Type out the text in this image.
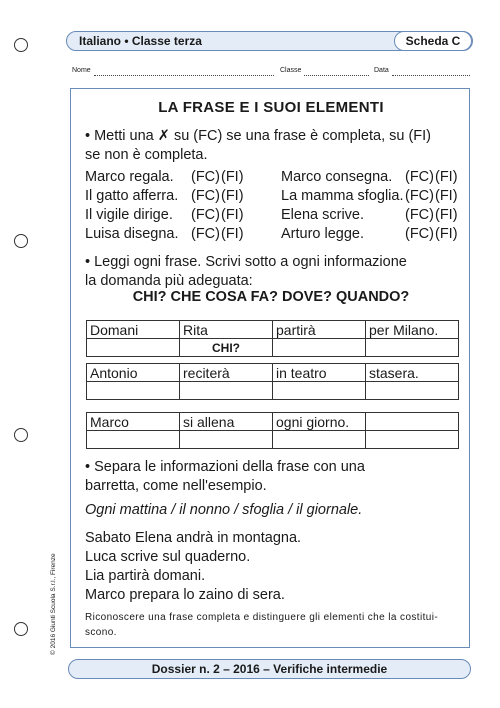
Italiano • Classe terza	Scheda C
Nome	Classe	Data
LA FRASE E I SUOI ELEMENTI
• Metti una ✗ su (FC) se una frase è completa, su (FI)
se non è completa.
Marco regala. (FC) (FI)	Marco consegna. (FC) (FI)
Il gatto afferra. (FC) (FI)	La mamma sfoglia. (FC) (FI)
Il vigile dirige. (FC) (FI)	Elena scrive.	(FC) (FI)
Luisa disegna. (FC) (FI)	Arturo legge.	(FC) (FI)
• Leggi ogni frase. Scrivi sotto a ogni informazione
la domanda più adeguata:
CHI? CHE COSA FA? DOVE? QUANDO?
Domani	Rita	partirà	per Milano.
	CHI?		
Antonio	reciterà	in teatro	stasera.

Marco	si allena	ogni giorno.	

• Separa le informazioni della frase con una
barretta, come nell'esempio.
Ogni mattina / il nonno / sfoglia / il giornale.
Sabato Elena andrà in montagna.
Luca scrive sul quaderno.
Lia partirà domani.
Marco prepara lo zaino di sera.
Riconoscere una frase completa e distinguere gli elementi che la costitui-
scono.
© 2016 Giunti Scuola S.r.l., Firenze
Dossier n. 2 – 2016 – Verifiche intermedie
